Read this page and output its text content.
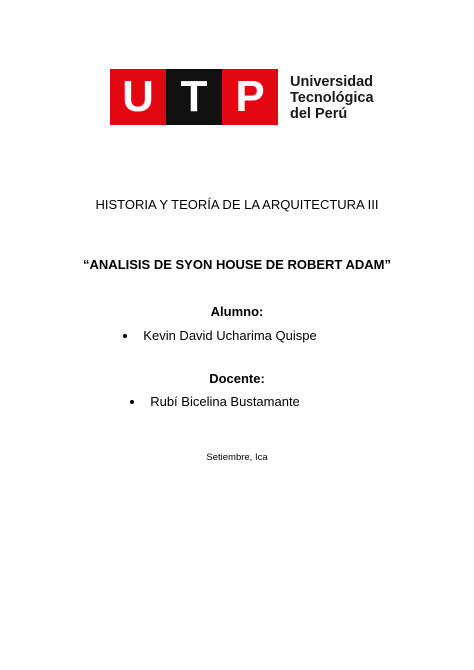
U T P	Universidad
Tecnológica
del Perú
HISTORIA Y TEORÍA DE LA ARQUITECTURA III
“ANALISIS DE SYON HOUSE DE ROBERT ADAM”
Alumno:
Kevin David Ucharima Quispe
Docente:
Rubí Bicelina Bustamante
Setiembre, Ica
